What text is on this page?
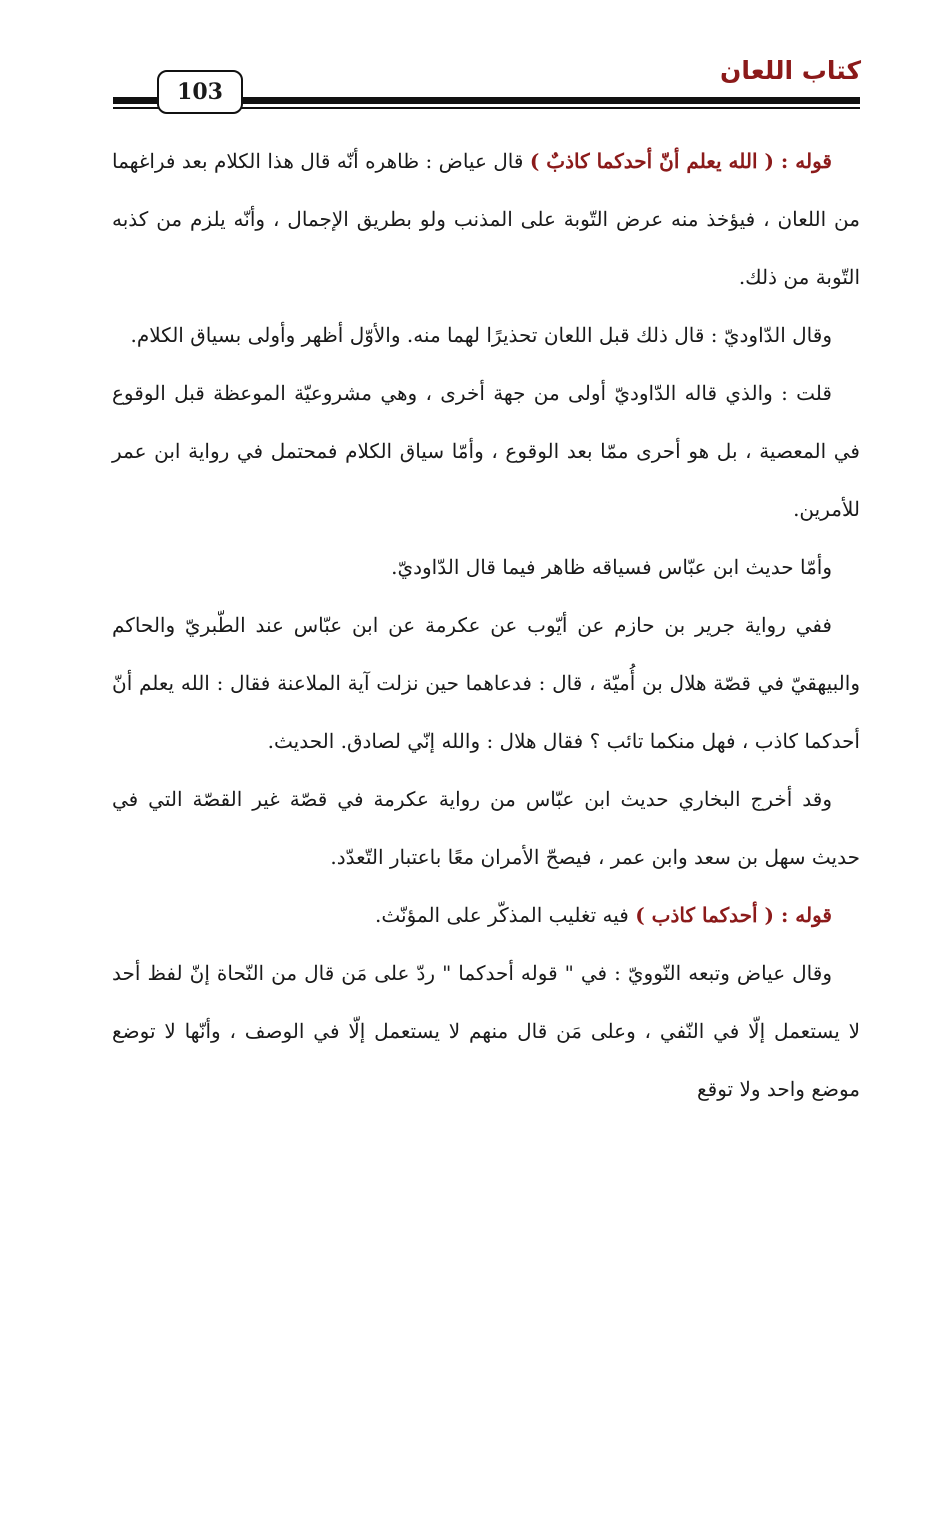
كتاب اللعان
103

قوله : ( الله يعلم أنّ أحدكما كاذبٌ ) قال عياض : ظاهره أنّه قال هذا الكلام بعد فراغهما من اللعان ، فيؤخذ منه عرض التّوبة على المذنب ولو بطريق الإجمال ، وأنّه يلزم من كذبه التّوبة من ذلك.

وقال الدّاوديّ : قال ذلك قبل اللعان تحذيرًا لهما منه. والأوّل أظهر وأولى بسياق الكلام.

قلت : والذي قاله الدّاوديّ أولى من جهة أخرى ، وهي مشروعيّة الموعظة قبل الوقوع في المعصية ، بل هو أحرى ممّا بعد الوقوع ، وأمّا سياق الكلام فمحتمل في رواية ابن عمر للأمرين.

وأمّا حديث ابن عبّاس فسياقه ظاهر فيما قال الدّاوديّ.

ففي رواية جرير بن حازم عن أيّوب عن عكرمة عن ابن عبّاس عند الطّبريّ والحاكم والبيهقيّ في قصّة هلال بن أُميّة ، قال : فدعاهما حين نزلت آية الملاعنة فقال : الله يعلم أنّ أحدكما كاذب ، فهل منكما تائب ؟ فقال هلال : والله إنّي لصادق. الحديث.

وقد أخرج البخاري حديث ابن عبّاس من رواية عكرمة في قصّة غير القصّة التي في حديث سهل بن سعد وابن عمر ، فيصحّ الأمران معًا باعتبار التّعدّد.

قوله : ( أحدكما كاذب ) فيه تغليب المذكّر على المؤنّث.

وقال عياض وتبعه النّوويّ : في " قوله أحدكما " ردّ على مَن قال من النّحاة إنّ لفظ أحد لا يستعمل إلّا في النّفي ، وعلى مَن قال منهم لا يستعمل إلّا في الوصف ، وأنّها لا توضع موضع واحد ولا توقع
